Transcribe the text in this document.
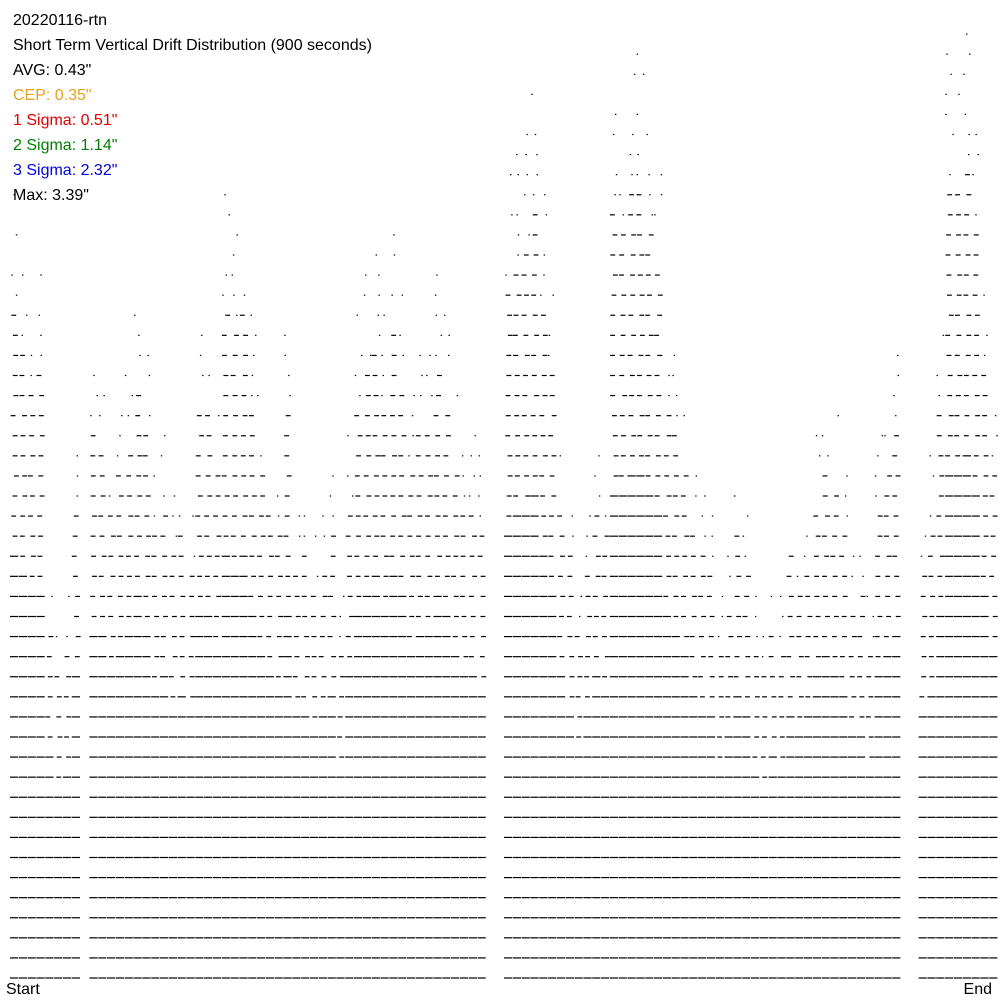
20220116-rtn
Short Term Vertical Drift Distribution (900 seconds)
AVG: 0.43"
CEP: 0.35"
1 Sigma: 0.51"
2 Sigma: 1.14"
3 Sigma: 2.32"
Max: 3.39"
Start	End
